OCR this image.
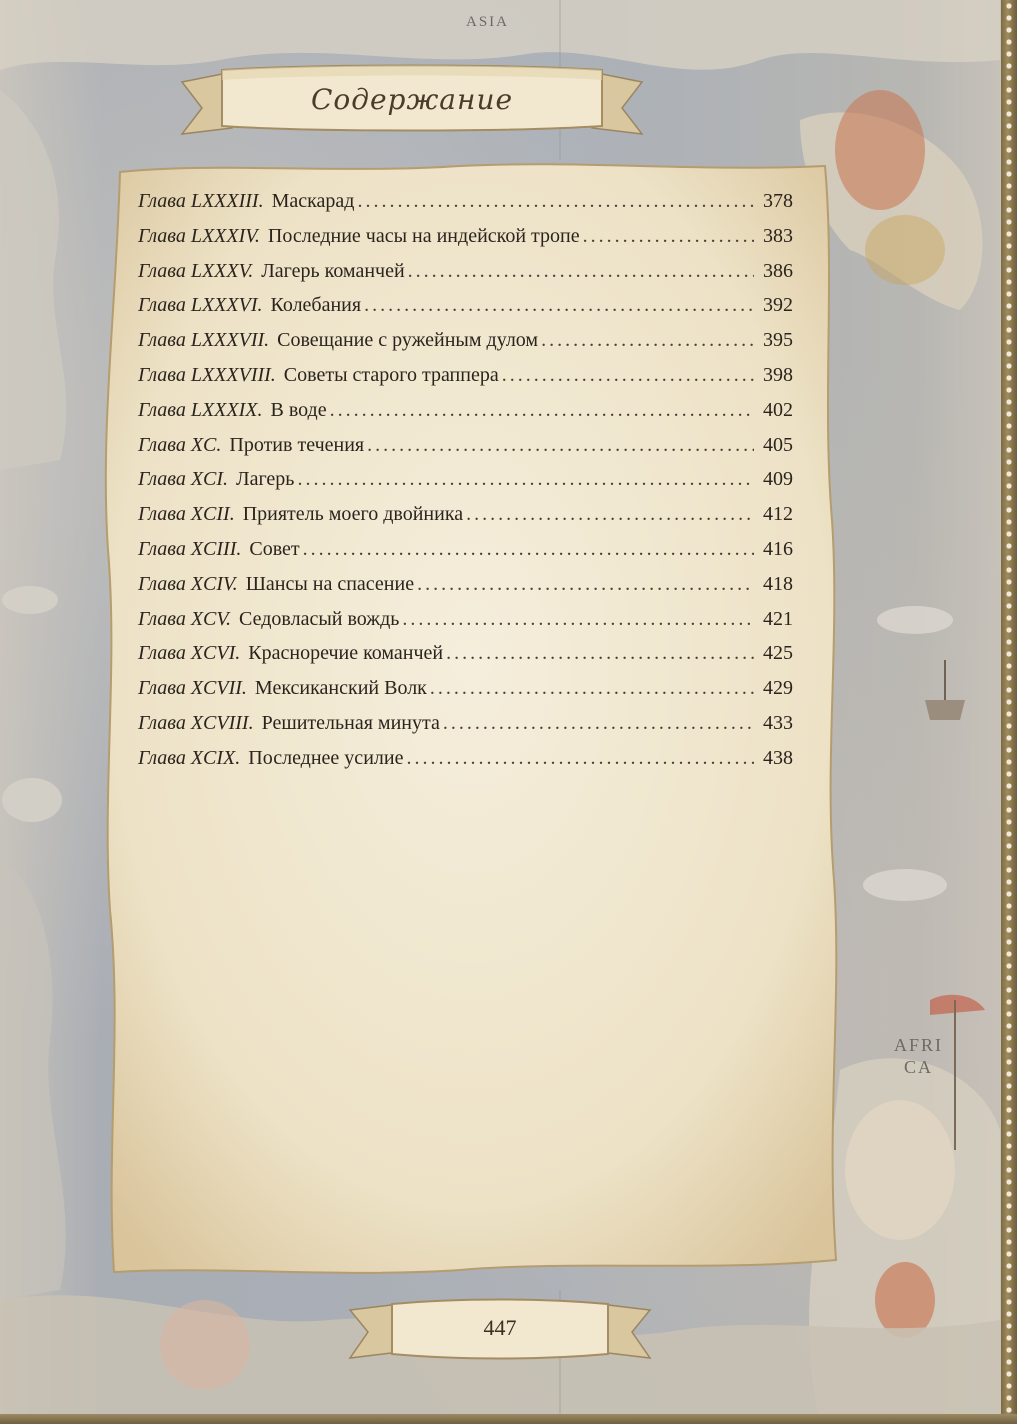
ASIA
AFRI
CA
Содержание
Глава LXXXIII. Маскарад .....	378
Глава LXXXIV. Последние часы на индейской тропе .....	383
Глава LXXXV. Лагерь команчей .....	386
Глава LXXXVI. Колебания .....	392
Глава LXXXVII. Совещание с ружейным дулом .....	395
Глава LXXXVIII. Советы старого траппера .....	398
Глава LXXXIX. В воде .....	402
Глава XC. Против течения .....	405
Глава XCI. Лагерь .....	409
Глава XCII. Приятель моего двойника .....	412
Глава XCIII. Совет .....	416
Глава XCIV. Шансы на спасение .....	418
Глава XCV. Седовласый вождь .....	421
Глава XCVI. Красноречие команчей .....	425
Глава XCVII. Мексиканский Волк .....	429
Глава XCVIII. Решительная минута .....	433
Глава XCIX. Последнее усилие .....	438
447
